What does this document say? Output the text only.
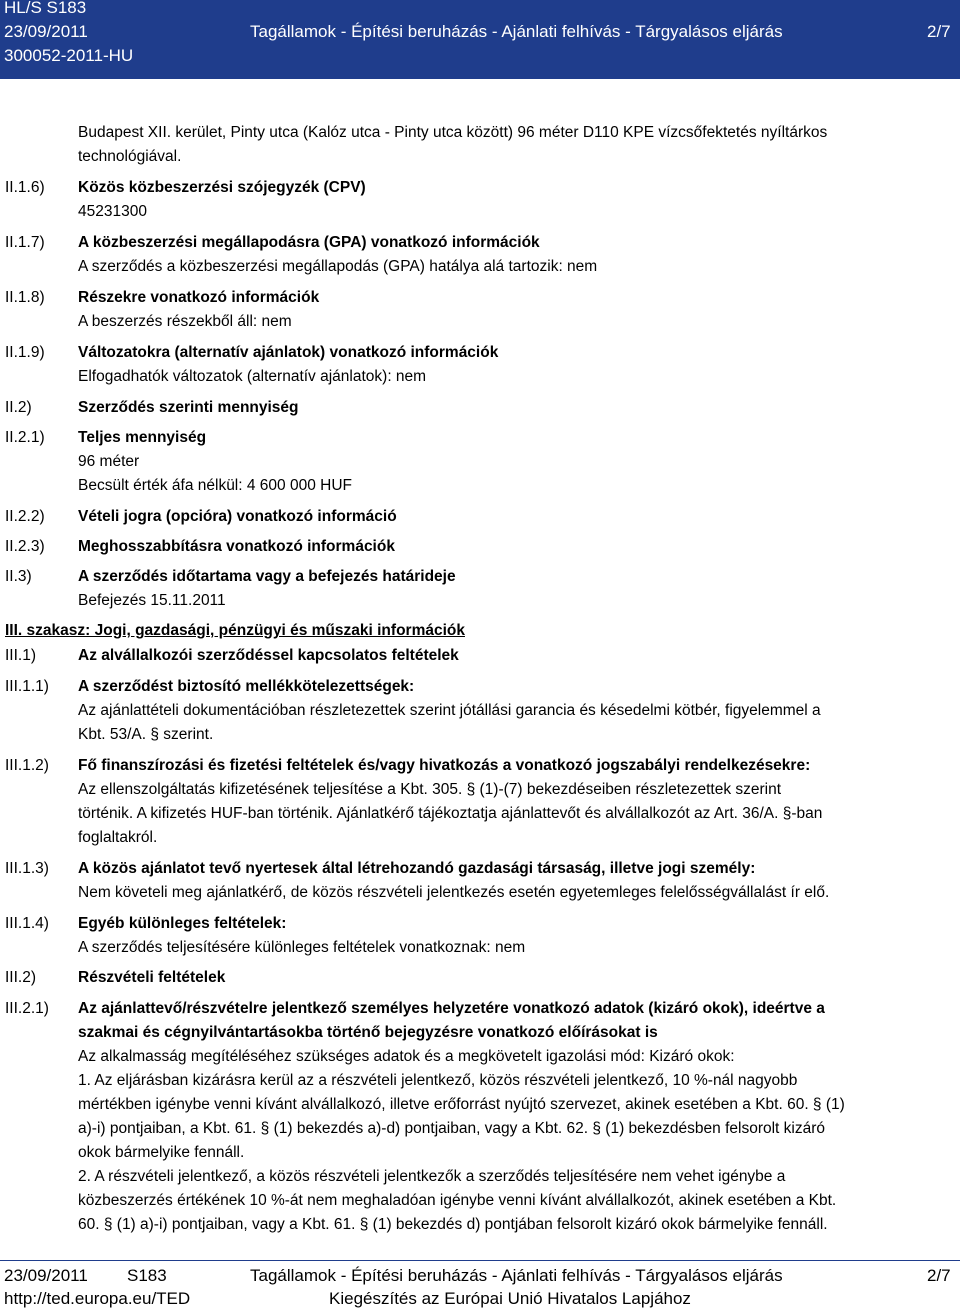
HL/S S183
23/09/2011
300052-2011-HU
Tagállamok - Építési beruházás - Ajánlati felhívás - Tárgyalásos eljárás	2/7
Budapest XII. kerület, Pinty utca (Kalóz utca - Pinty utca között) 96 méter D110 KPE vízcsőfektetés nyíltárkos
technológiával.
II.1.6) Közös közbeszerzési szójegyzék (CPV)
45231300
II.1.7) A közbeszerzési megállapodásra (GPA) vonatkozó információk
A szerződés a közbeszerzési megállapodás (GPA) hatálya alá tartozik: nem
II.1.8) Részekre vonatkozó információk
A beszerzés részekből áll: nem
II.1.9) Változatokra (alternatív ajánlatok) vonatkozó információk
Elfogadhatók változatok (alternatív ajánlatok): nem
II.2)	Szerződés szerinti mennyiség
II.2.1) Teljes mennyiség
96 méter
Becsült érték áfa nélkül: 4 600 000 HUF
II.2.2) Vételi jogra (opcióra) vonatkozó információ
II.2.3) Meghosszabbításra vonatkozó információk
II.3)	A szerződés időtartama vagy a befejezés határideje
Befejezés 15.11.2011
III. szakasz: Jogi, gazdasági, pénzügyi és műszaki információk
III.1)	Az alvállalkozói szerződéssel kapcsolatos feltételek
III.1.1) A szerződést biztosító mellékkötelezettségek:
Az ajánlattételi dokumentációban részletezettek szerint jótállási garancia és késedelmi kötbér, figyelemmel a
Kbt. 53/A. § szerint.
III.1.2) Fő finanszírozási és fizetési feltételek és/vagy hivatkozás a vonatkozó jogszabályi rendelkezésekre:
Az ellenszolgáltatás kifizetésének teljesítése a Kbt. 305. § (1)-(7) bekezdéseiben részletezettek szerint
történik. A kifizetés HUF-ban történik. Ajánlatkérő tájékoztatja ajánlattevőt és alvállalkozót az Art. 36/A. §-ban
foglaltakról.
III.1.3) A közös ajánlatot tevő nyertesek által létrehozandó gazdasági társaság, illetve jogi személy:
Nem követeli meg ajánlatkérő, de közös részvételi jelentkezés esetén egyetemleges felelősségvállalást ír elő.
III.1.4) Egyéb különleges feltételek:
A szerződés teljesítésére különleges feltételek vonatkoznak: nem
III.2)	Részvételi feltételek
III.2.1) Az ajánlattevő/részvételre jelentkező személyes helyzetére vonatkozó adatok (kizáró okok), ideértve a
szakmai és cégnyilvántartásokba történő bejegyzésre vonatkozó előírásokat is
Az alkalmasság megítéléséhez szükséges adatok és a megkövetelt igazolási mód: Kizáró okok:
1. Az eljárásban kizárásra kerül az a részvételi jelentkező, közös részvételi jelentkező, 10 %-nál nagyobb
mértékben igénybe venni kívánt alvállalkozó, illetve erőforrást nyújtó szervezet, akinek esetében a Kbt. 60. § (1)
a)-i) pontjaiban, a Kbt. 61. § (1) bekezdés a)-d) pontjaiban, vagy a Kbt. 62. § (1) bekezdésben felsorolt kizáró
okok bármelyike fennáll.
2. A részvételi jelentkező, a közös részvételi jelentkezők a szerződés teljesítésére nem vehet igénybe a
közbeszerzés értékének 10 %-át nem meghaladóan igénybe venni kívánt alvállalkozót, akinek esetében a Kbt.
60. § (1) a)-i) pontjaiban, vagy a Kbt. 61. § (1) bekezdés d) pontjában felsorolt kizáró okok bármelyike fennáll.
23/09/2011 S183	Tagállamok - Építési beruházás - Ajánlati felhívás - Tárgyalásos eljárás	2/7
http://ted.europa.eu/TED	Kiegészítés az Európai Unió Hivatalos Lapjához
